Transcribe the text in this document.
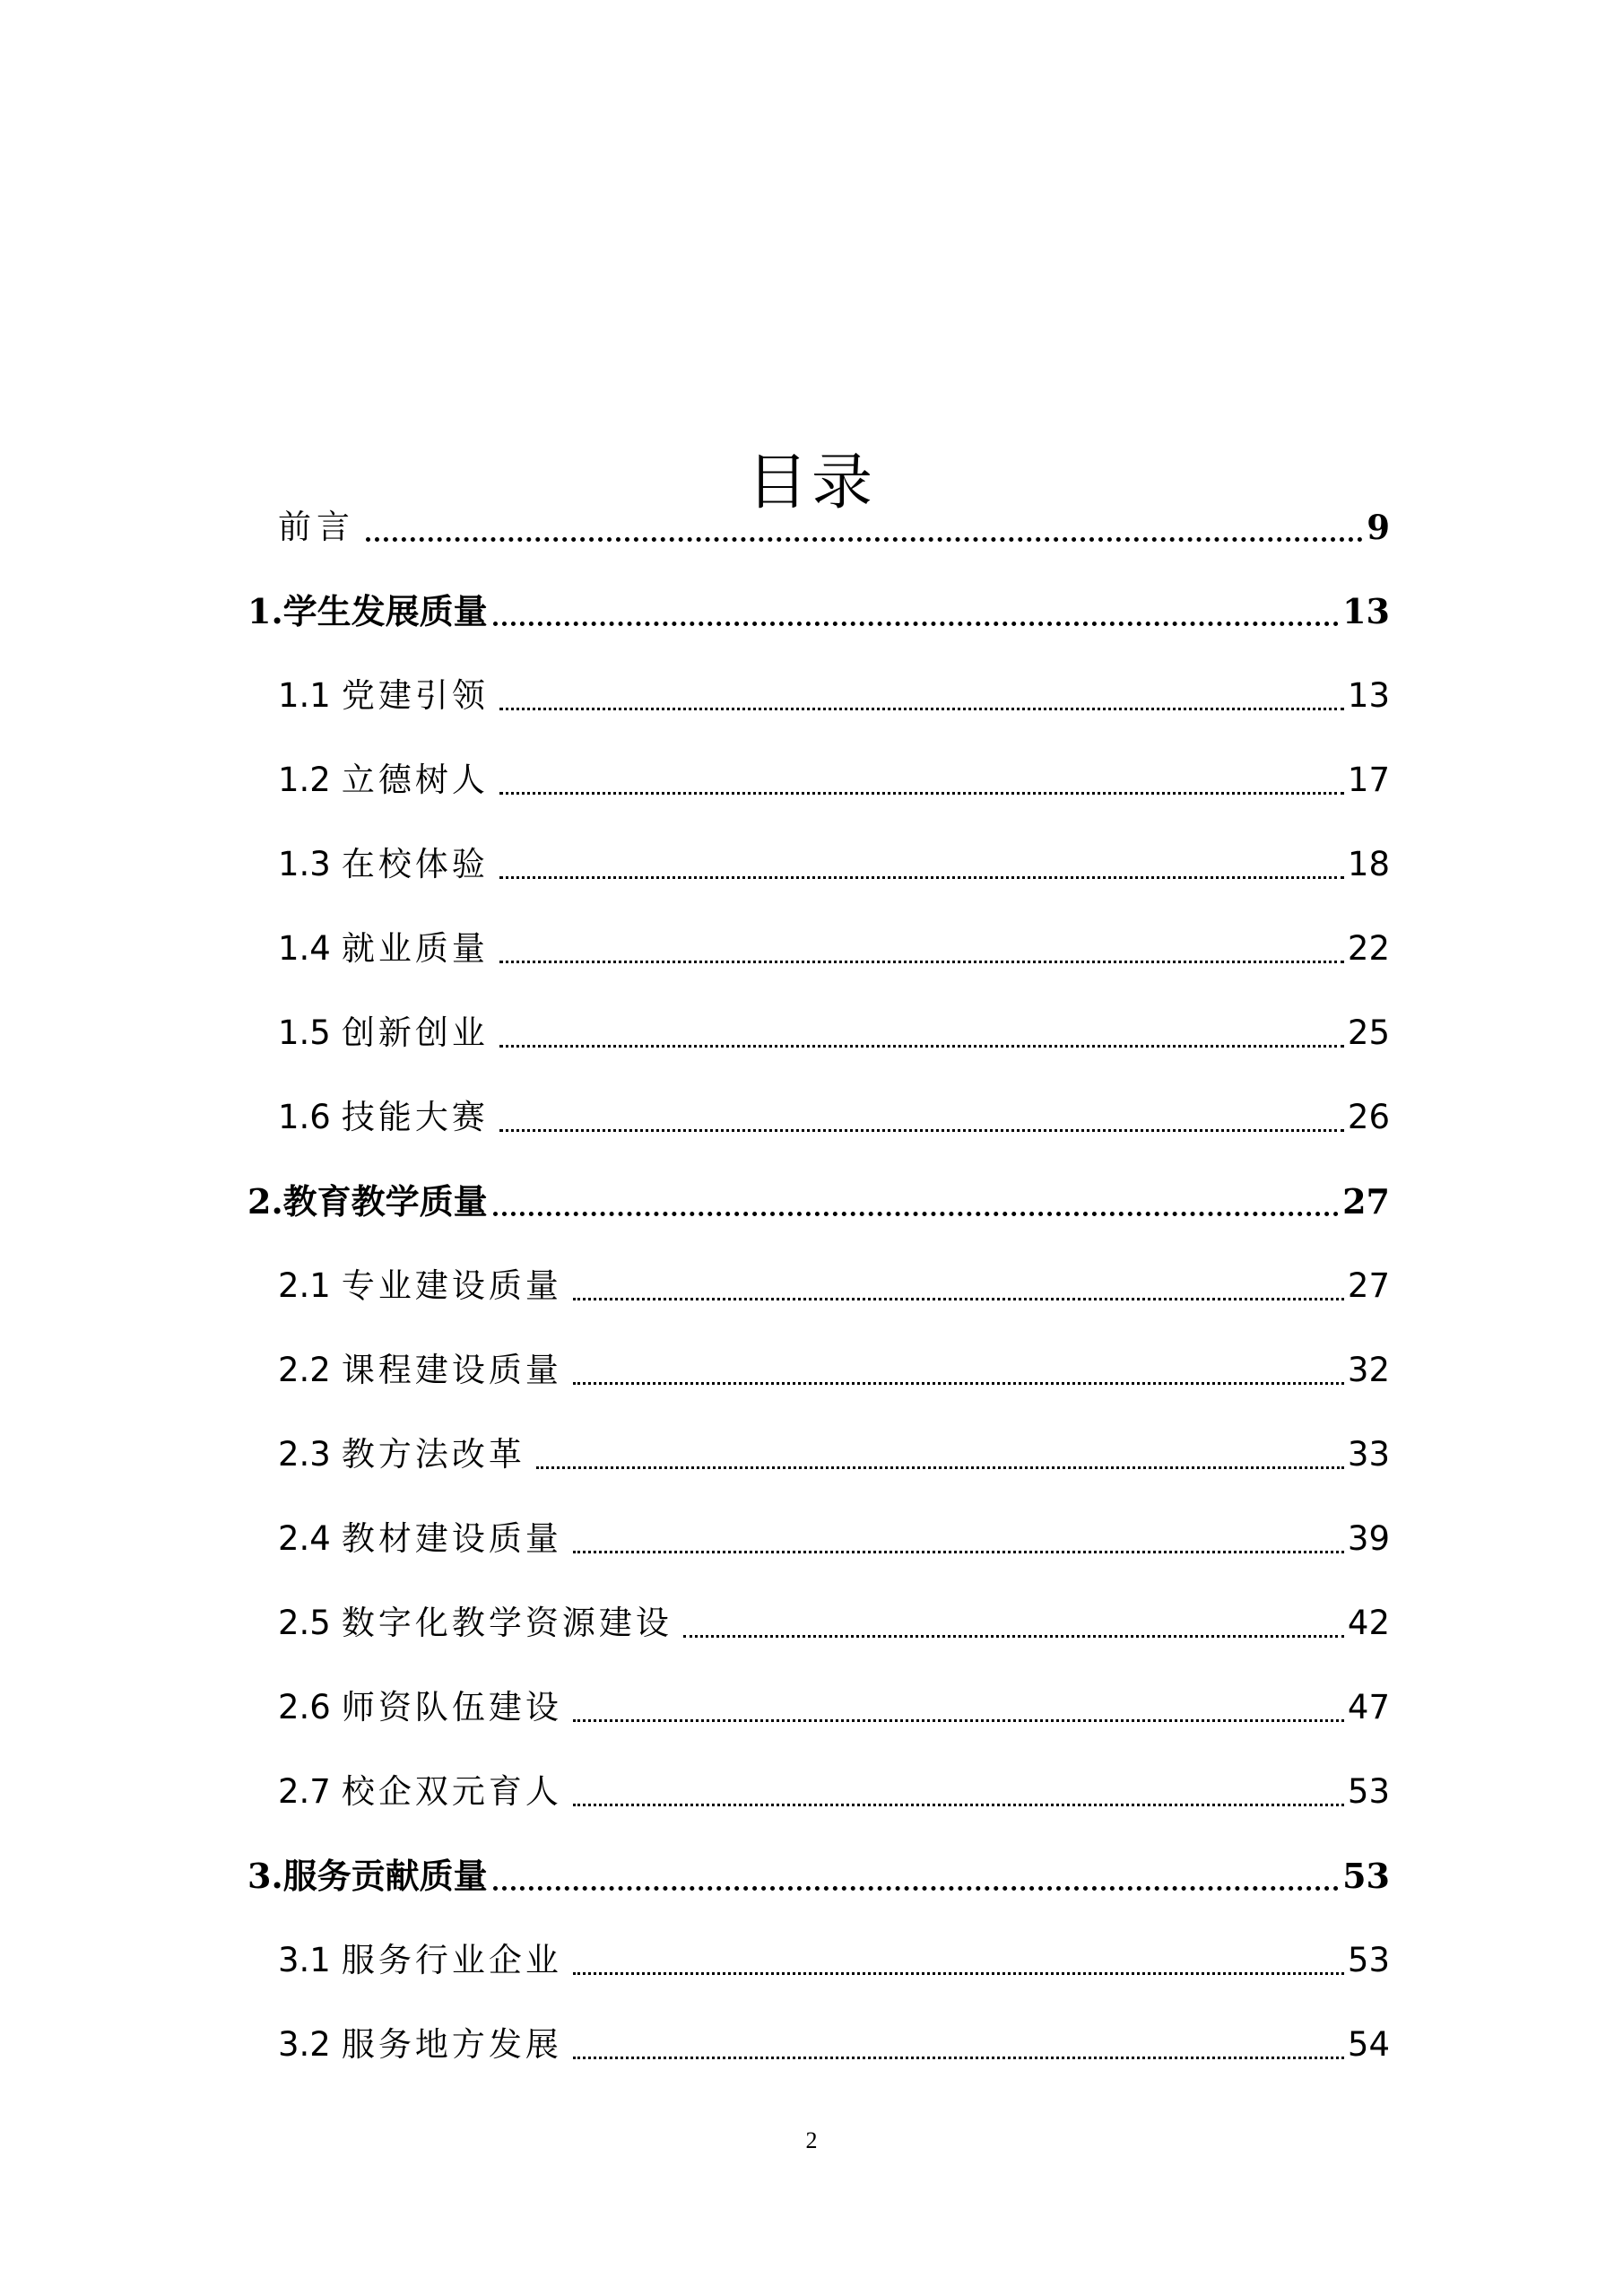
目录
前言	9
1.学生发展质量	13
1.1 党建引领	13
1.2 立德树人	17
1.3 在校体验	18
1.4 就业质量	22
1.5 创新创业	25
1.6 技能大赛	26
2.教育教学质量	27
2.1 专业建设质量	27
2.2 课程建设质量	32
2.3 教方法改革	33
2.4 教材建设质量	39
2.5 数字化教学资源建设	42
2.6 师资队伍建设	47
2.7 校企双元育人	53
3.服务贡献质量	53
3.1 服务行业企业	53
3.2 服务地方发展	54
2
